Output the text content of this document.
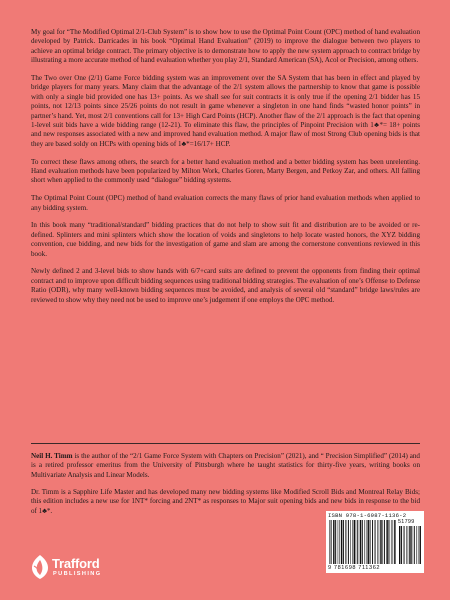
My goal for “The Modified Optimal 2/1-Club System” is to show how to use the Optimal Point Count (OPC) method of hand evaluation developed by Patrick. Darricades in his book “Optimal Hand Evaluation” (2019) to improve the dialogue between two players to achieve an optimal bridge contract. The primary objective is to demonstrate how to apply the new system approach to contract bridge by illustrating a more accurate method of hand evaluation whether you play 2/1, Standard American (SA), Acol or Precision, among others.

The Two over One (2/1) Game Force bidding system was an improvement over the SA System that has been in effect and played by bridge players for many years. Many claim that the advantage of the 2/1 system allows the partnership to know that game is possible with only a single bid provided one has 13+ points. As we shall see for suit contracts it is only true if the opening 2/1 bidder has 15 points, not 12/13 points since 25/26 points do not result in game whenever a singleton in one hand finds “wasted honor points” in partner’s hand. Yet, most 2/1 conventions call for 13+ High Card Points (HCP). Another flaw of the 2/1 approach is the fact that opening 1-level suit bids have a wide bidding range (12-21). To eliminate this flaw, the principles of Pinpoint Precision with 1♣*= 18+ points and new responses associated with a new and improved hand evaluation method. A major flaw of most Strong Club opening bids is that they are based soldy on HCPs with opening bids of 1♣*=16/17+ HCP.

To correct these flaws among others, the search for a better hand evaluation method and a better bidding system has been unrelenting. Hand evaluation methods have been popularized by Milton Work, Charles Goren, Marty Bergen, and Petkoy Zar, and others. All falling short when applied to the commonly used “dialogue” bidding systems.

The Optimal Point Count (OPC) method of hand evaluation corrects the many flaws of prior hand evaluation methods when applied to any bidding system.

In this book many “traditional/standard” bidding practices that do not help to show suit fit and distribution are to be avoided or re-defined. Splinters and mini splinters which show the location of voids and singletons to help locate wasted honors, the XYZ bidding convention, cue bidding, and new bids for the investigation of game and slam are among the cornerstone conventions reviewed in this book.

Newly defined 2 and 3-level bids to show hands with 6/7+card suits are defined to prevent the opponents from finding their optimal contract and to improve upon difficult bidding sequences using traditional bidding strategies. The evaluation of one’s Offense to Defense Ratio (ODR), why many well-known bidding sequences must be avoided, and analysis of several old “standard” bridge laws/rules are reviewed to show why they need not be used to improve one’s judgement if one employs the OPC method.

Neil H. Timm is the author of the “2/1 Game Force System with Chapters on Precision” (2021), and “ Precision Simplified” (2014) and is a retired professor emeritus from the University of Pittsburgh where he taught statistics for thirty-five years, writing books on Multivariate Analysis and Linear Models.

Dr. Timm is a Sapphire Life Master and has developed many new bidding systems like Modified Scroll Bids and Montreal Relay Bids; this edition includes a new use for 1NT* forcing and 2NT* as responses to Major suit opening bids and new bids in response to the bid of 1♣*.

ISBN 978-1-6987-1136-2
51799
9 781698 711362
Trafford
PUBLISHING
